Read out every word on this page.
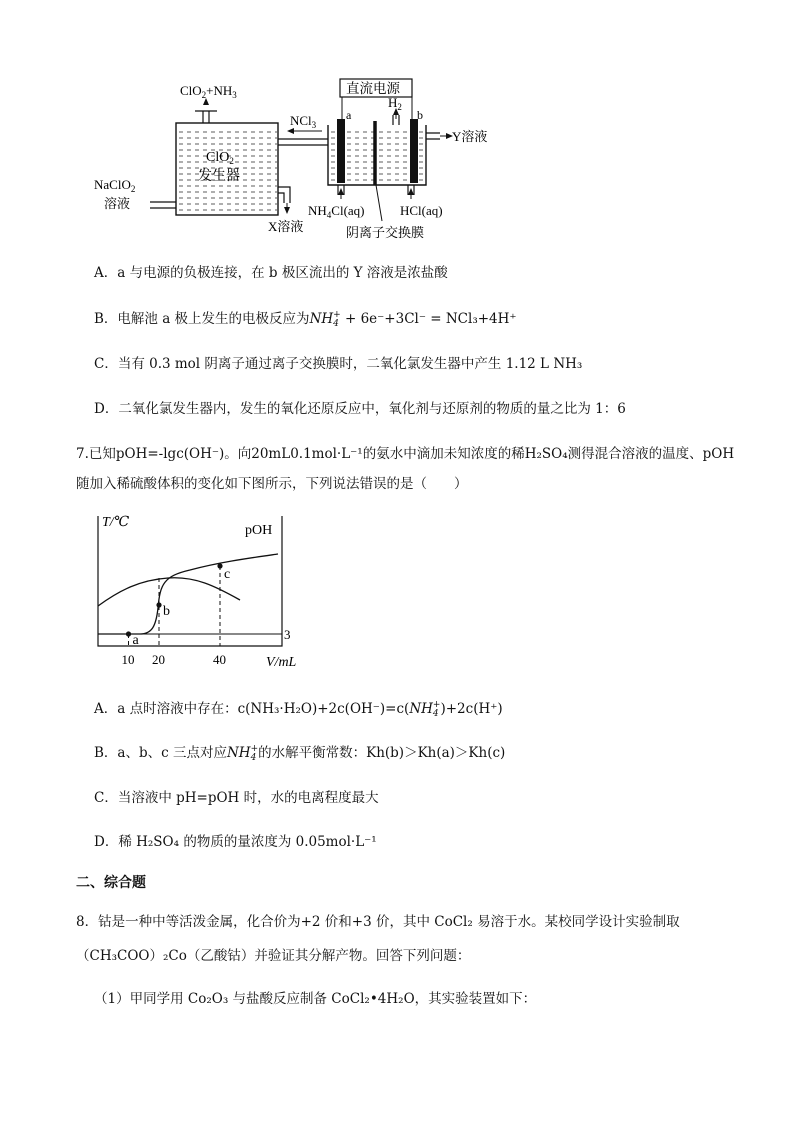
$ClO_2+NH_3$
ClO$_2$
发生器
NaClO$_2$
溶液
X溶液
NCl$_3$
直流电源
a	b
$H_2$
Y溶液
$NH_4Cl(aq)$	HCl(aq)
阴离子交换膜
A．a 与电源的负极连接，在 b 极区流出的 Y 溶液是浓盐酸
B．电解池 a 极上发生的电极反应为NH +
4 + 6e⁻+3Cl⁻ = NCl₃+4H⁺
C．当有 0.3 mol 阴离子通过离子交换膜时，二氧化氯发生器中产生 1.12 L NH₃
D．二氧化氯发生器内，发生的氧化还原反应中，氧化剂与还原剂的物质的量之比为 1：6
7.已知pOH=-lgc(OH⁻)。向20mL0.1mol·L⁻¹的氨水中滴加未知浓度的稀H₂SO₄测得混合溶液的温度、pOH
随加入稀硫酸体积的变化如下图所示，下列说法错误的是（　　）
T/℃
pOH
V/mL
3
10 20	40
a
b
c
A．a 点时溶液中存在：c(NH₃·H₂O)+2c(OH⁻)=c(NH +
4 )+2c(H⁺)
B．a、b、c 三点对应NH +
4 的水解平衡常数：Kh(b)＞Kh(a)＞Kh(c)
C．当溶液中 pH=pOH 时，水的电离程度最大
D．稀 H₂SO₄ 的物质的量浓度为 0.05mol·L⁻¹
二、综合题
8．钴是一种中等活泼金属，化合价为+2 价和+3 价，其中 CoCl₂ 易溶于水。某校同学设计实验制取
（CH₃COO）₂Co（乙酸钴）并验证其分解产物。回答下列问题：
（1）甲同学用 Co₂O₃ 与盐酸反应制备 CoCl₂•4H₂O，其实验装置如下：
